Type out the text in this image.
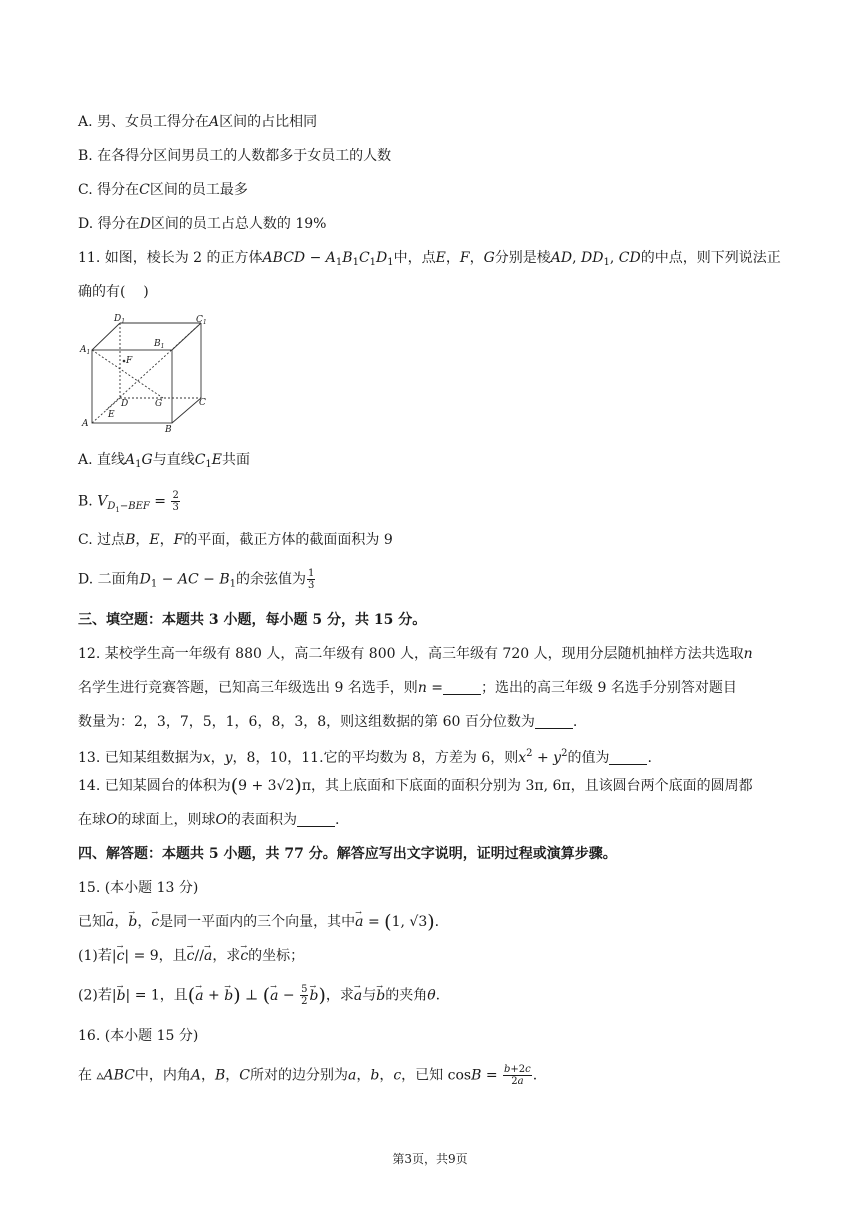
A. 男、女员工得分在A区间的占比相同
B. 在各得分区间男员工的人数都多于女员工的人数
C. 得分在C区间的员工最多
D. 得分在D区间的员工占总人数的 19%
11. 如图，棱长为 2 的正方体ABCD − $A_1B_1C_1D_1$中，点E，F，G分别是棱AD, $DD_1$, CD的中点，则下列说法正
确的有(    )
$D_1$	$C_1$
$A_1$
$B_1$
F
D	G	C
E
A
B
A. 直线$A_1G$与直线$C_1E$共面
B. $V_{D_1-BEF} = \frac{2}{3}$
C. 过点B，E，F的平面，截正方体的截面面积为 9
D. 二面角$D_1$ − AC − $B_1$的余弦值为 $\frac{1}{3}$
三、填空题：本题共 3 小题，每小题 5 分，共 15 分。
12. 某校学生高一年级有 880 人，高二年级有 800 人，高三年级有 720 人，现用分层随机抽样方法共选取n
名学生进行竞赛答题，已知高三年级选出 9 名选手，则n =	；选出的高三年级 9 名选手分别答对题目
数量为：2，3，7，5，1，6，8，3，8，则这组数据的第 60 百分位数为	.
13. 已知某组数据为x，y，8，10，11.它的平均数为 8，方差为 6，则$x^2 + y^2$的值为	.
14. 已知某圆台的体积为(9 + 3√2)π，其上底面和下底面的面积分别为 3π, 6π，且该圆台两个底面的圆周都
在球O的球面上，则球O的表面积为	.
四、解答题：本题共 5 小题，共 77 分。解答应写出文字说明，证明过程或演算步骤。
15. (本小题 13 分)
已知→ a，→ b，→ c是同一平面内的三个向量，其中→ a = (1, √3).
(1)若|→ c| = 9，且→ c//→ a，求→ c的坐标；
(2)若|→ b| = 1，且(→ a + → b) ⊥ (→ $a - \frac{5}{2}$
→ b)，求→ a与→ b的夹角θ.
16. (本小题 15 分)
在 ▵ABC中，内角A，B，C所对的边分别为a，b，c，已知 $\cos B = \frac{b+2c}{2a}$ .
第3页，共9页
